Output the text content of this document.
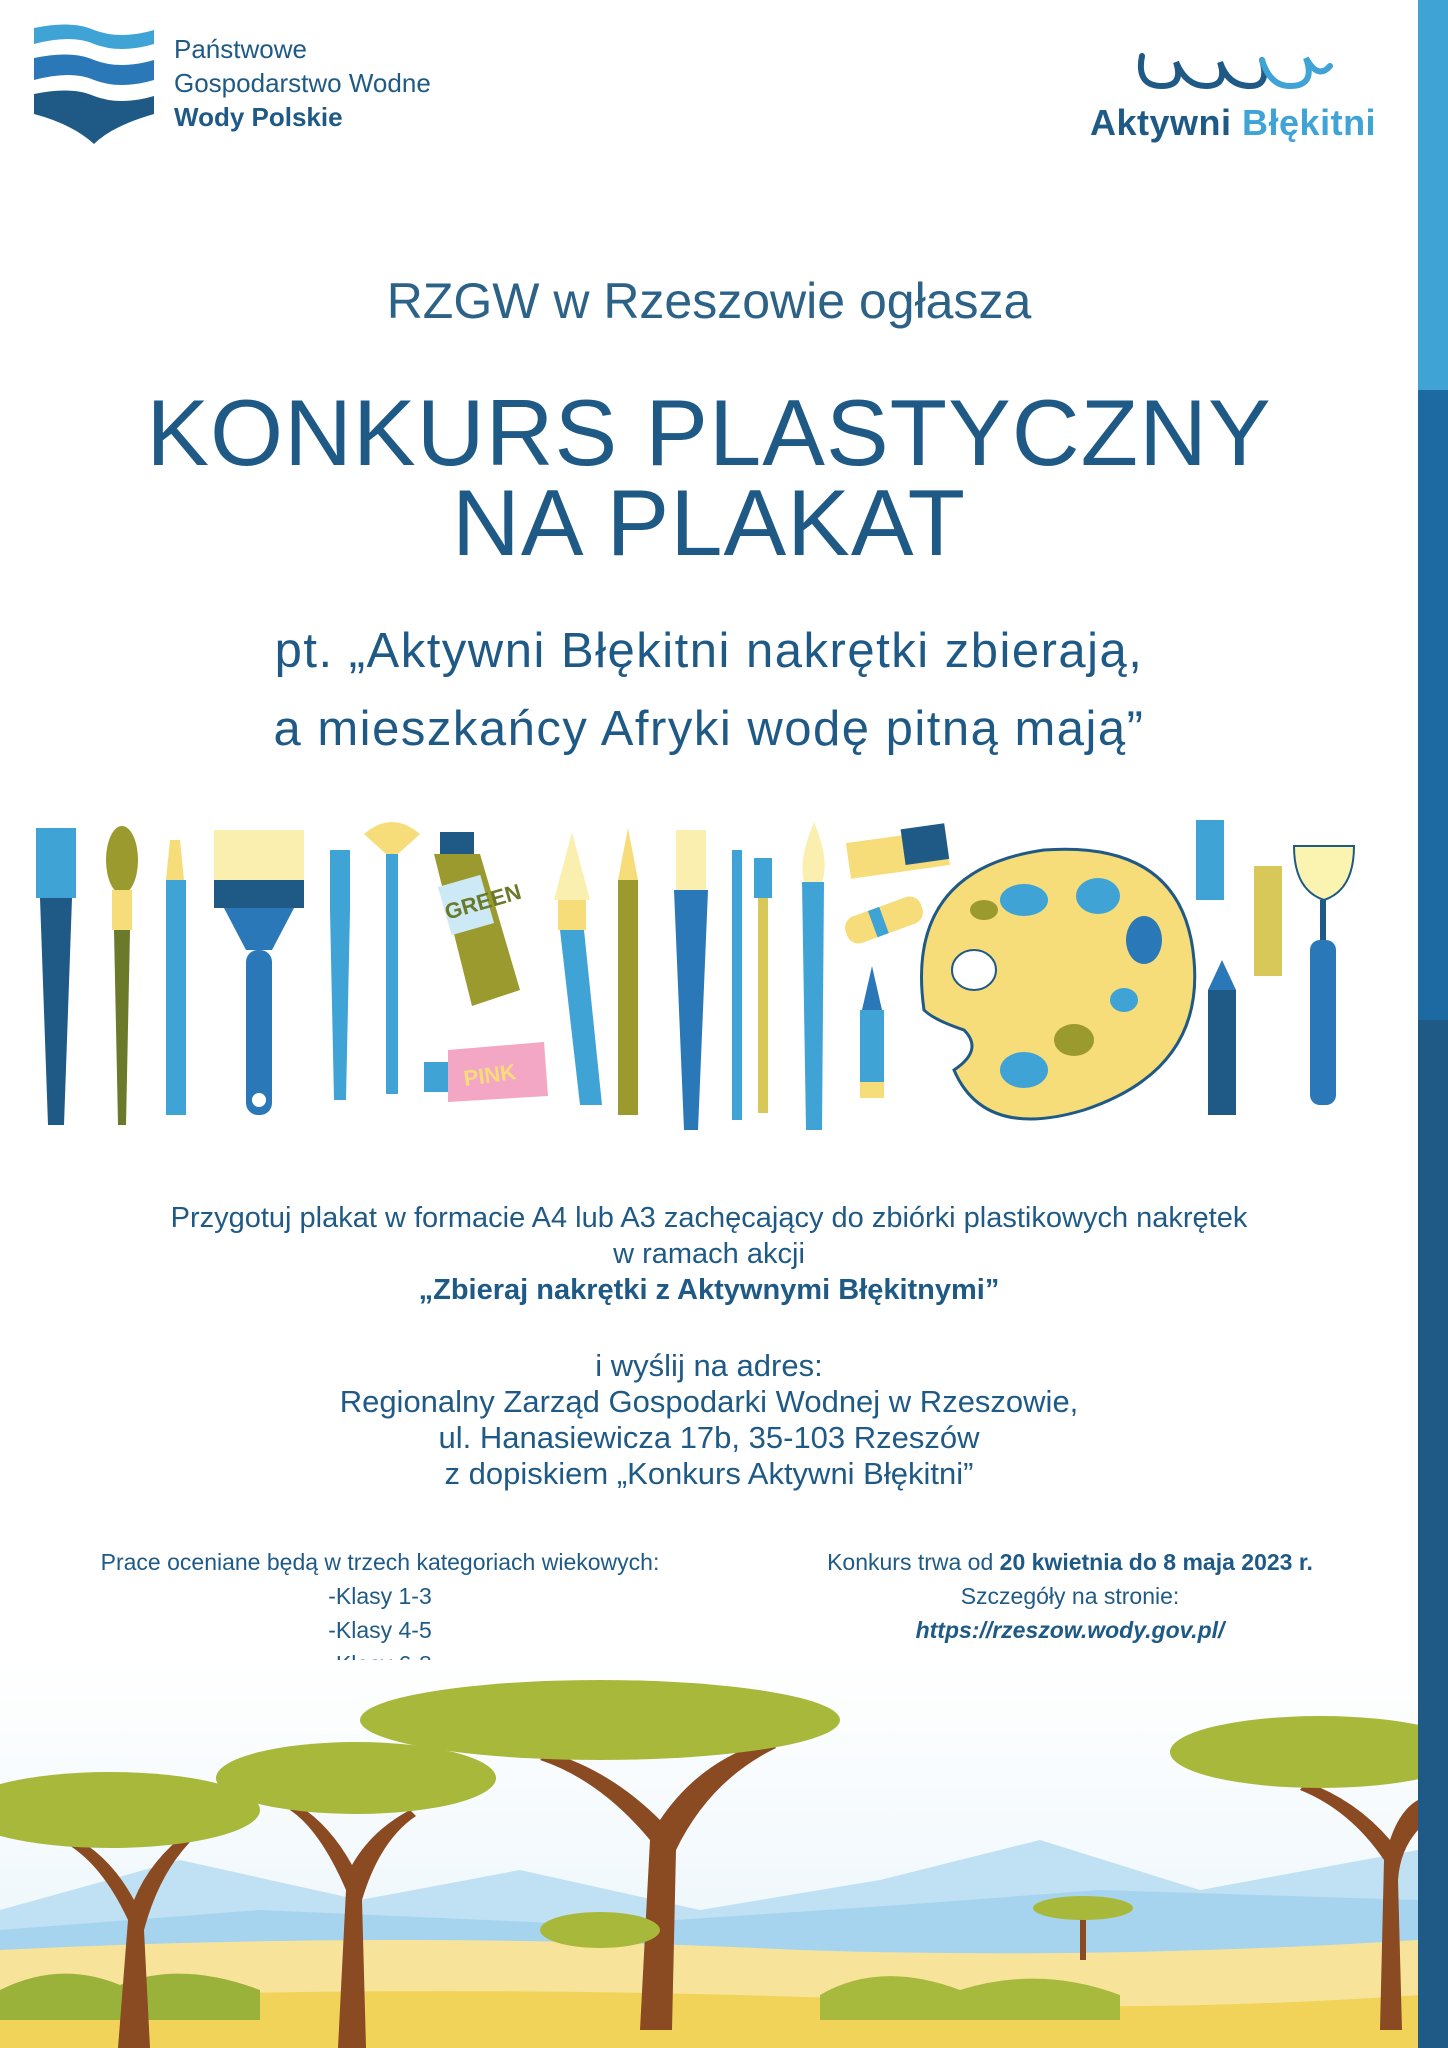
Państwowe
Gospodarstwo Wodne
Wody Polskie	Aktywni Błękitni
RZGW w Rzeszowie ogłasza
KONKURS PLASTYCZNY
NA PLAKAT
pt. „Aktywni Błękitni nakrętki zbierają,
a mieszkańcy Afryki wodę pitną mają”
GREEN
PINK
Przygotuj plakat w formacie A4 lub A3 zachęcający do zbiórki plastikowych nakrętek
w ramach akcji
„Zbieraj nakrętki z Aktywnymi Błękitnymi”
i wyślij na adres:
Regionalny Zarząd Gospodarki Wodnej w Rzeszowie,
ul. Hanasiewicza 17b, 35-103 Rzeszów
z dopiskiem „Konkurs Aktywni Błękitni”
Prace oceniane będą w trzech kategoriach wiekowych:
-Klasy 1-3
-Klasy 4-5
Konkurs trwa od 20 kwietnia do 8 maja 2023 r.
Szczegóły na stronie:
https://rzeszow.wody.gov.pl/
